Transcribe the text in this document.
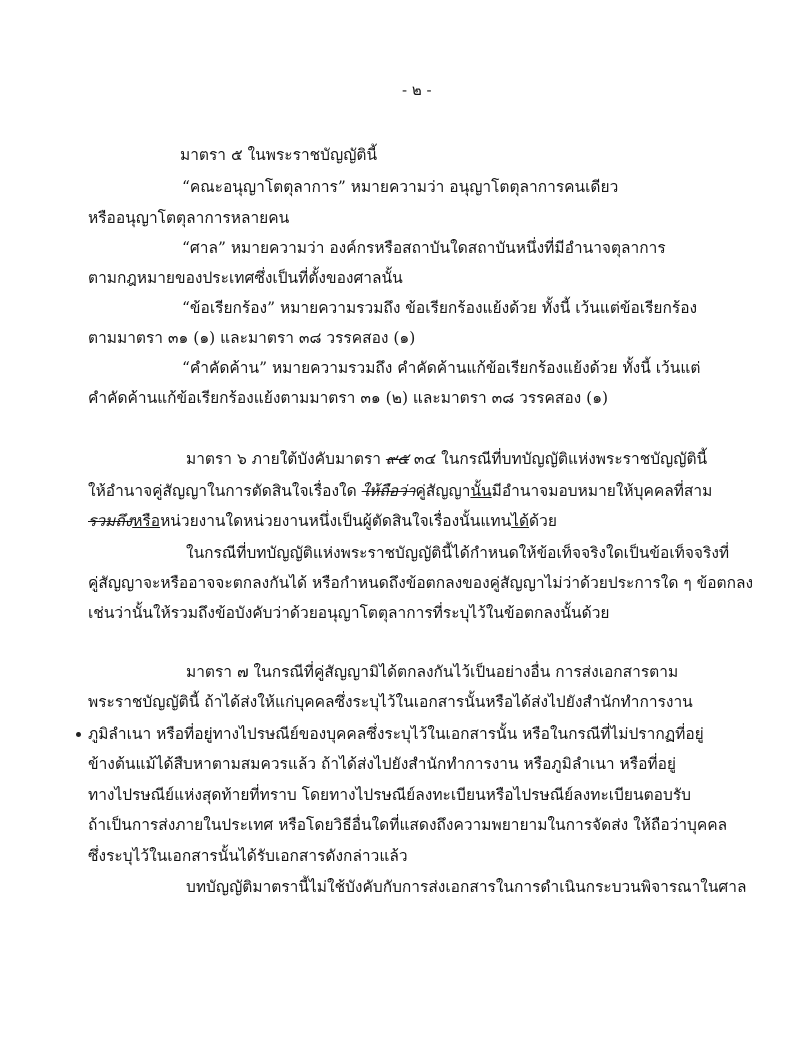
- ๒ -
มาตรา ๕ ในพระราชบัญญัตินี้
“คณะอนุญาโตตุลาการ” หมายความว่า อนุญาโตตุลาการคนเดียว
หรืออนุญาโตตุลาการหลายคน
“ศาล” หมายความว่า องค์กรหรือสถาบันใดสถาบันหนึ่งที่มีอำนาจตุลาการ
ตามกฎหมายของประเทศซึ่งเป็นที่ตั้งของศาลนั้น
“ข้อเรียกร้อง” หมายความรวมถึง ข้อเรียกร้องแย้งด้วย ทั้งนี้ เว้นแต่ข้อเรียกร้อง
ตามมาตรา ๓๑ (๑) และมาตรา ๓๘ วรรคสอง (๑)
“คำคัดค้าน” หมายความรวมถึง คำคัดค้านแก้ข้อเรียกร้องแย้งด้วย ทั้งนี้ เว้นแต่
คำคัดค้านแก้ข้อเรียกร้องแย้งตามมาตรา ๓๑ (๒) และมาตรา ๓๘ วรรคสอง (๑)
มาตรา ๖ ภายใต้บังคับมาตรา ๙๕ ๓๔ ในกรณีที่บทบัญญัติแห่งพระราชบัญญัตินี้
ให้อำนาจคู่สัญญาในการตัดสินใจเรื่องใด ให้ถือว่าคู่สัญญานั้นมีอำนาจมอบหมายให้บุคคลที่สาม
รวมถึงหรือหน่วยงานใดหน่วยงานหนึ่งเป็นผู้ตัดสินใจเรื่องนั้นแทนได้ด้วย
ในกรณีที่บทบัญญัติแห่งพระราชบัญญัตินี้ได้กำหนดให้ข้อเท็จจริงใดเป็นข้อเท็จจริงที่
คู่สัญญาจะหรืออาจจะตกลงกันได้ หรือกำหนดถึงข้อตกลงของคู่สัญญาไม่ว่าด้วยประการใด ๆ ข้อตกลง
เช่นว่านั้นให้รวมถึงข้อบังคับว่าด้วยอนุญาโตตุลาการที่ระบุไว้ในข้อตกลงนั้นด้วย
มาตรา ๗ ในกรณีที่คู่สัญญามิได้ตกลงกันไว้เป็นอย่างอื่น การส่งเอกสารตาม
พระราชบัญญัตินี้ ถ้าได้ส่งให้แก่บุคคลซึ่งระบุไว้ในเอกสารนั้นหรือได้ส่งไปยังสำนักทำการงาน
ภูมิลำเนา หรือที่อยู่ทางไปรษณีย์ของบุคคลซึ่งระบุไว้ในเอกสารนั้น หรือในกรณีที่ไม่ปรากฏที่อยู่
ข้างต้นแม้ได้สืบหาตามสมควรแล้ว ถ้าได้ส่งไปยังสำนักทำการงาน หรือภูมิลำเนา หรือที่อยู่
ทางไปรษณีย์แห่งสุดท้ายที่ทราบ โดยทางไปรษณีย์ลงทะเบียนหรือไปรษณีย์ลงทะเบียนตอบรับ
ถ้าเป็นการส่งภายในประเทศ หรือโดยวิธีอื่นใดที่แสดงถึงความพยายามในการจัดส่ง ให้ถือว่าบุคคล
ซึ่งระบุไว้ในเอกสารนั้นได้รับเอกสารดังกล่าวแล้ว
บทบัญญัติมาตรานี้ไม่ใช้บังคับกับการส่งเอกสารในการดำเนินกระบวนพิจารณาในศาล
